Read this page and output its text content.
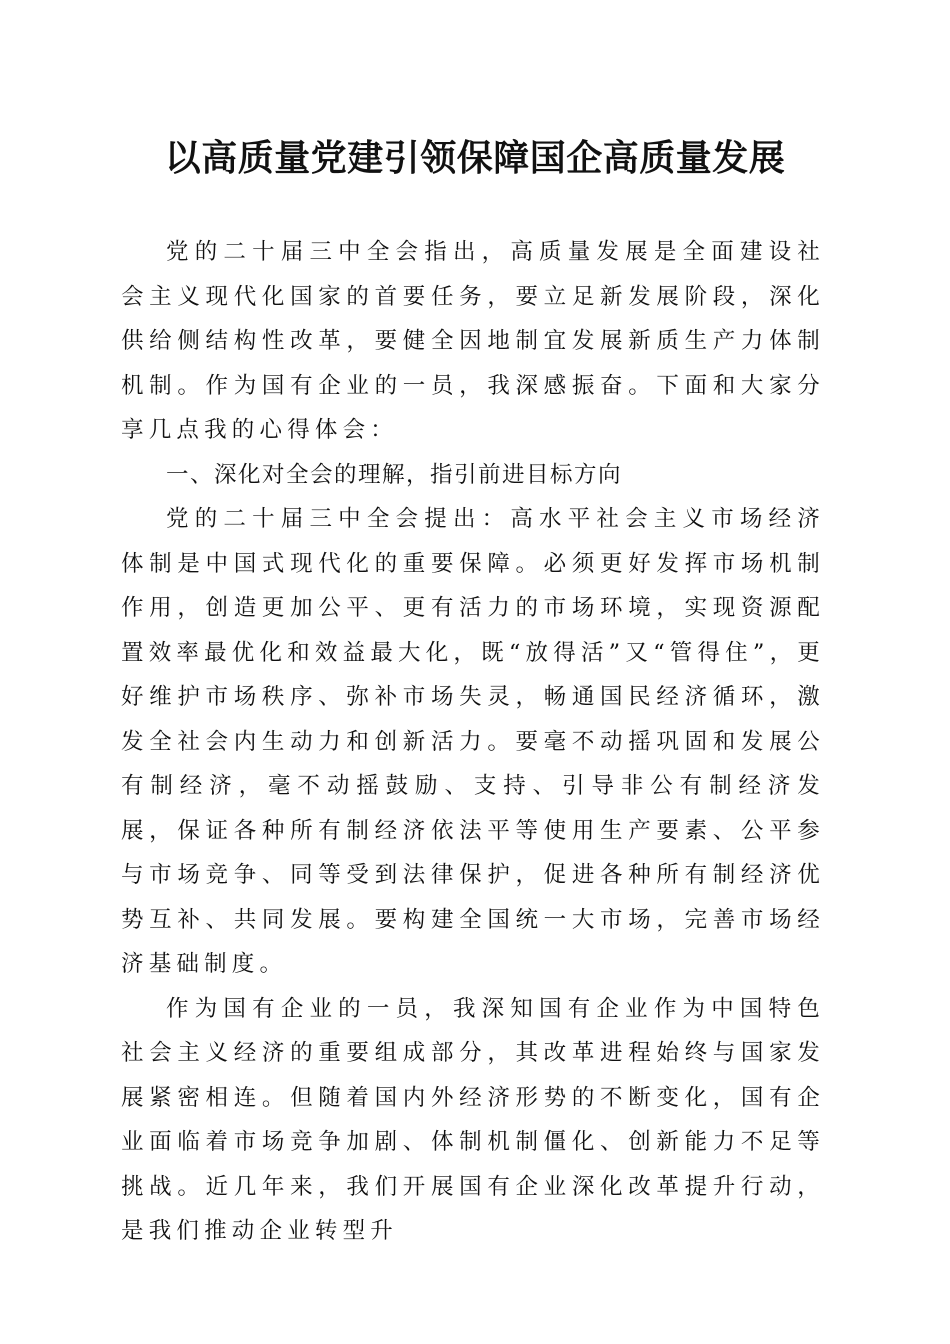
以高质量党建引领保障国企高质量发展

党的二十届三中全会指出，高质量发展是全面建设社会主义现代化国家的首要任务，要立足新发展阶段，深化供给侧结构性改革，要健全因地制宜发展新质生产力体制机制。作为国有企业的一员，我深感振奋。下面和大家分享几点我的心得体会：

一、深化对全会的理解，指引前进目标方向

党的二十届三中全会提出：高水平社会主义市场经济体制是中国式现代化的重要保障。必须更好发挥市场机制作用，创造更加公平、更有活力的市场环境，实现资源配置效率最优化和效益最大化，既“放得活”又“管得住”，更好维护市场秩序、弥补市场失灵，畅通国民经济循环，激发全社会内生动力和创新活力。要毫不动摇巩固和发展公有制经济，毫不动摇鼓励、支持、引导非公有制经济发展，保证各种所有制经济依法平等使用生产要素、公平参与市场竞争、同等受到法律保护，促进各种所有制经济优势互补、共同发展。要构建全国统一大市场，完善市场经济基础制度。

作为国有企业的一员，我深知国有企业作为中国特色社会主义经济的重要组成部分，其改革进程始终与国家发展紧密相连。但随着国内外经济形势的不断变化，国有企业面临着市场竞争加剧、体制机制僵化、创新能力不足等挑战。近几年来，我们开展国有企业深化改革提升行动，是我们推动企业转型升
